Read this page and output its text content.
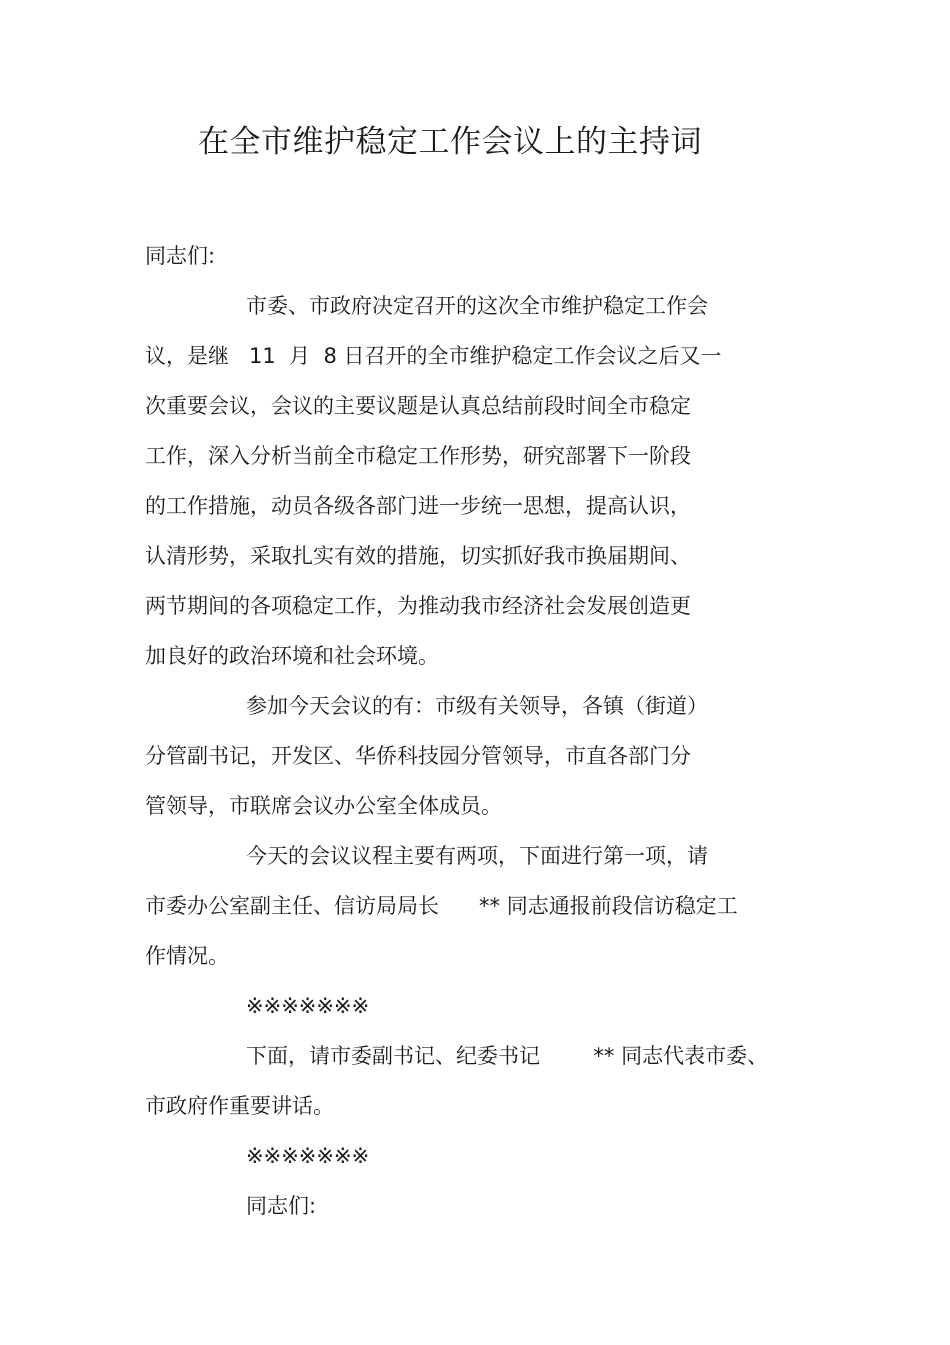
在全市维护稳定工作会议上的主持词

同志们:

市委、市政府决定召开的这次全市维护稳定工作会

议，是继   11  月  8 日召开的全市维护稳定工作会议之后又一

次重要会议，会议的主要议题是认真总结前段时间全市稳定

工作，深入分析当前全市稳定工作形势，研究部署下一阶段

的工作措施，动员各级各部门进一步统一思想，提高认识，

认清形势，采取扎实有效的措施，切实抓好我市换届期间、

两节期间的各项稳定工作，为推动我市经济社会发展创造更

加良好的政治环境和社会环境。

参加今天会议的有：市级有关领导，各镇（街道）

分管副书记，开发区、华侨科技园分管领导，市直各部门分

管领导，市联席会议办公室全体成员。

今天的会议议程主要有两项，下面进行第一项，请

市委办公室副主任、信访局局长      ** 同志通报前段信访稳定工

作情况。

※※※※※※※

下面，请市委副书记、纪委书记        ** 同志代表市委、

市政府作重要讲话。

※※※※※※※

同志们:
